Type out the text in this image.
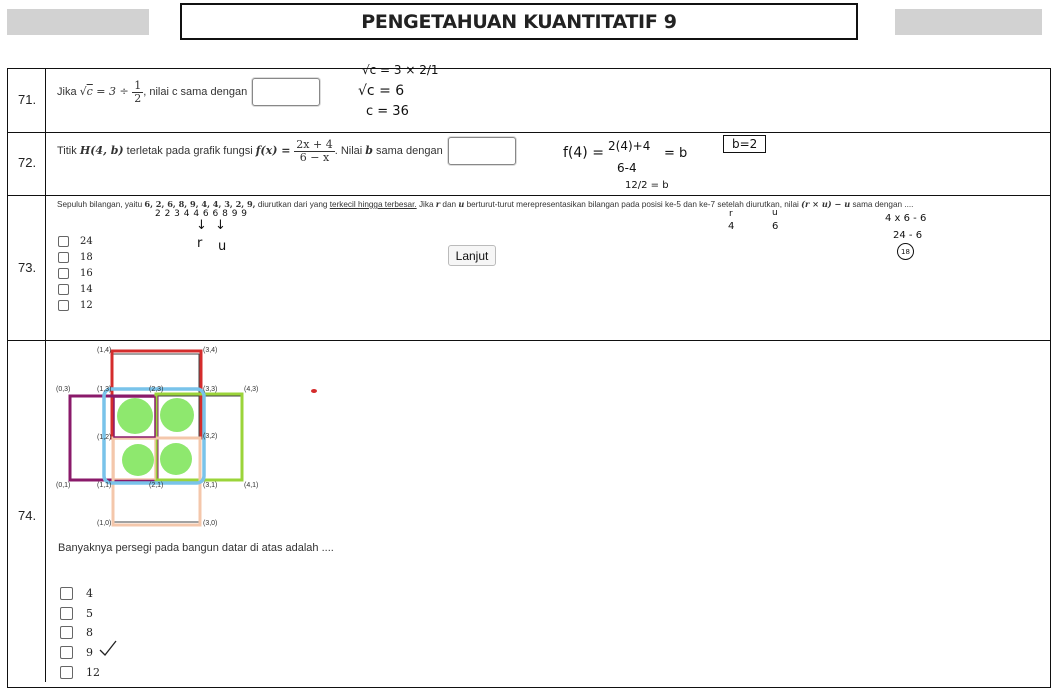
PENGETAHUAN KUANTITATIF 9
71.
Jika $√c = 3 \div \frac{1}{2}$ , nilai c sama dengan
√c = 3 × 2/1
√c = 6
c = 36
72.
Titik H(4, b) terletak pada grafik fungsi $f(x) = \frac{2x + 4}{6 - x}$ . Nilai b sama dengan	f(4) = 2(4)+4
6-4
= b
12/2 = b
b=2
73.
Sepuluh bilangan, yaitu 6, 2, 6, 8, 9, 4, 4, 3, 2, 9, diurutkan dari yang terkecil hingga terbesar. Jika r dan u berturut-turut merepresentasikan bilangan pada posisi ke-5 dan ke-7 setelah diurutkan, nilai (r × u) − u sama dengan ....
2 2 3 4 4 6 6 8 9 9
↓ ↓
r u
r
4
u
6
4 x 6 - 6
24 - 6
18
24
18
16
14
12
Lanjut
74.
(1,4)	(3,4)
(0,3)	(1,3)	(2,3)	(3,3)	(4,3)
(1,2)	(3,2)
(0,1)	(1,1)	(2,1)	(3,1)	(4,1)
(1,0)	(3,0)
Banyaknya persegi pada bangun datar di atas adalah ....
4
5
8
9
12
